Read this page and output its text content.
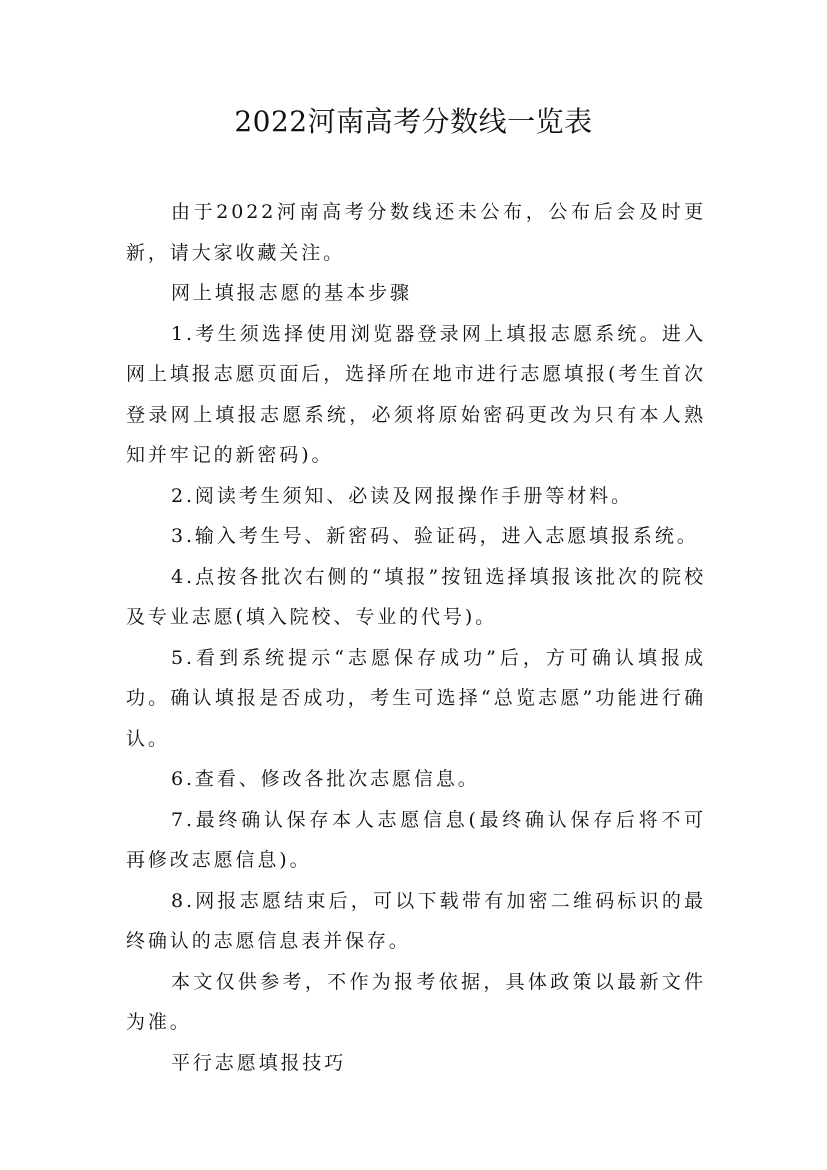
2022河南高考分数线一览表

由于2022河南高考分数线还未公布，公布后会及时更新，请大家收藏关注。

网上填报志愿的基本步骤

1.考生须选择使用浏览器登录网上填报志愿系统。进入网上填报志愿页面后，选择所在地市进行志愿填报(考生首次登录网上填报志愿系统，必须将原始密码更改为只有本人熟知并牢记的新密码)。

2.阅读考生须知、必读及网报操作手册等材料。

3.输入考生号、新密码、验证码，进入志愿填报系统。

4.点按各批次右侧的“填报”按钮选择填报该批次的院校及专业志愿(填入院校、专业的代号)。

5.看到系统提示“志愿保存成功”后，方可确认填报成功。确认填报是否成功，考生可选择“总览志愿”功能进行确认。

6.查看、修改各批次志愿信息。

7.最终确认保存本人志愿信息(最终确认保存后将不可再修改志愿信息)。

8.网报志愿结束后，可以下载带有加密二维码标识的最终确认的志愿信息表并保存。

本文仅供参考，不作为报考依据，具体政策以最新文件为准。

平行志愿填报技巧
